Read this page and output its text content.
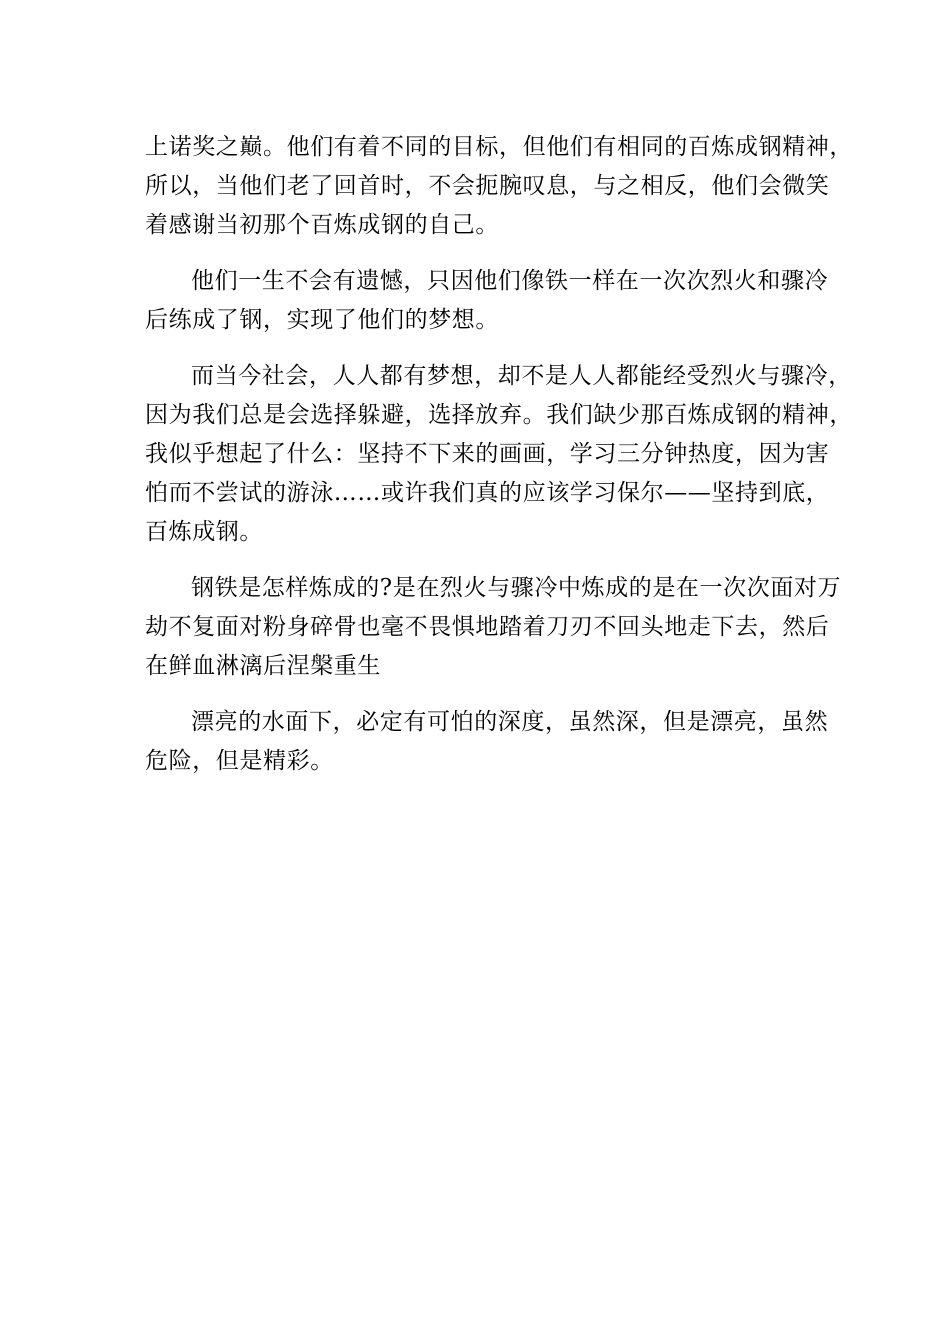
上诺奖之巅。他们有着不同的目标，但他们有相同的百炼成钢精神，
所以，当他们老了回首时，不会扼腕叹息，与之相反，他们会微笑
着感谢当初那个百炼成钢的自己。
他们一生不会有遗憾，只因他们像铁一样在一次次烈火和骤冷
后练成了钢，实现了他们的梦想。
而当今社会，人人都有梦想，却不是人人都能经受烈火与骤冷，
因为我们总是会选择躲避，选择放弃。我们缺少那百炼成钢的精神，
我似乎想起了什么：坚持不下来的画画，学习三分钟热度，因为害
怕而不尝试的游泳……或许我们真的应该学习保尔——坚持到底，
百炼成钢。
钢铁是怎样炼成的?是在烈火与骤冷中炼成的是在一次次面对万
劫不复面对粉身碎骨也毫不畏惧地踏着刀刃不回头地走下去，然后
在鲜血淋漓后涅槃重生
漂亮的水面下，必定有可怕的深度，虽然深，但是漂亮，虽然
危险，但是精彩。
